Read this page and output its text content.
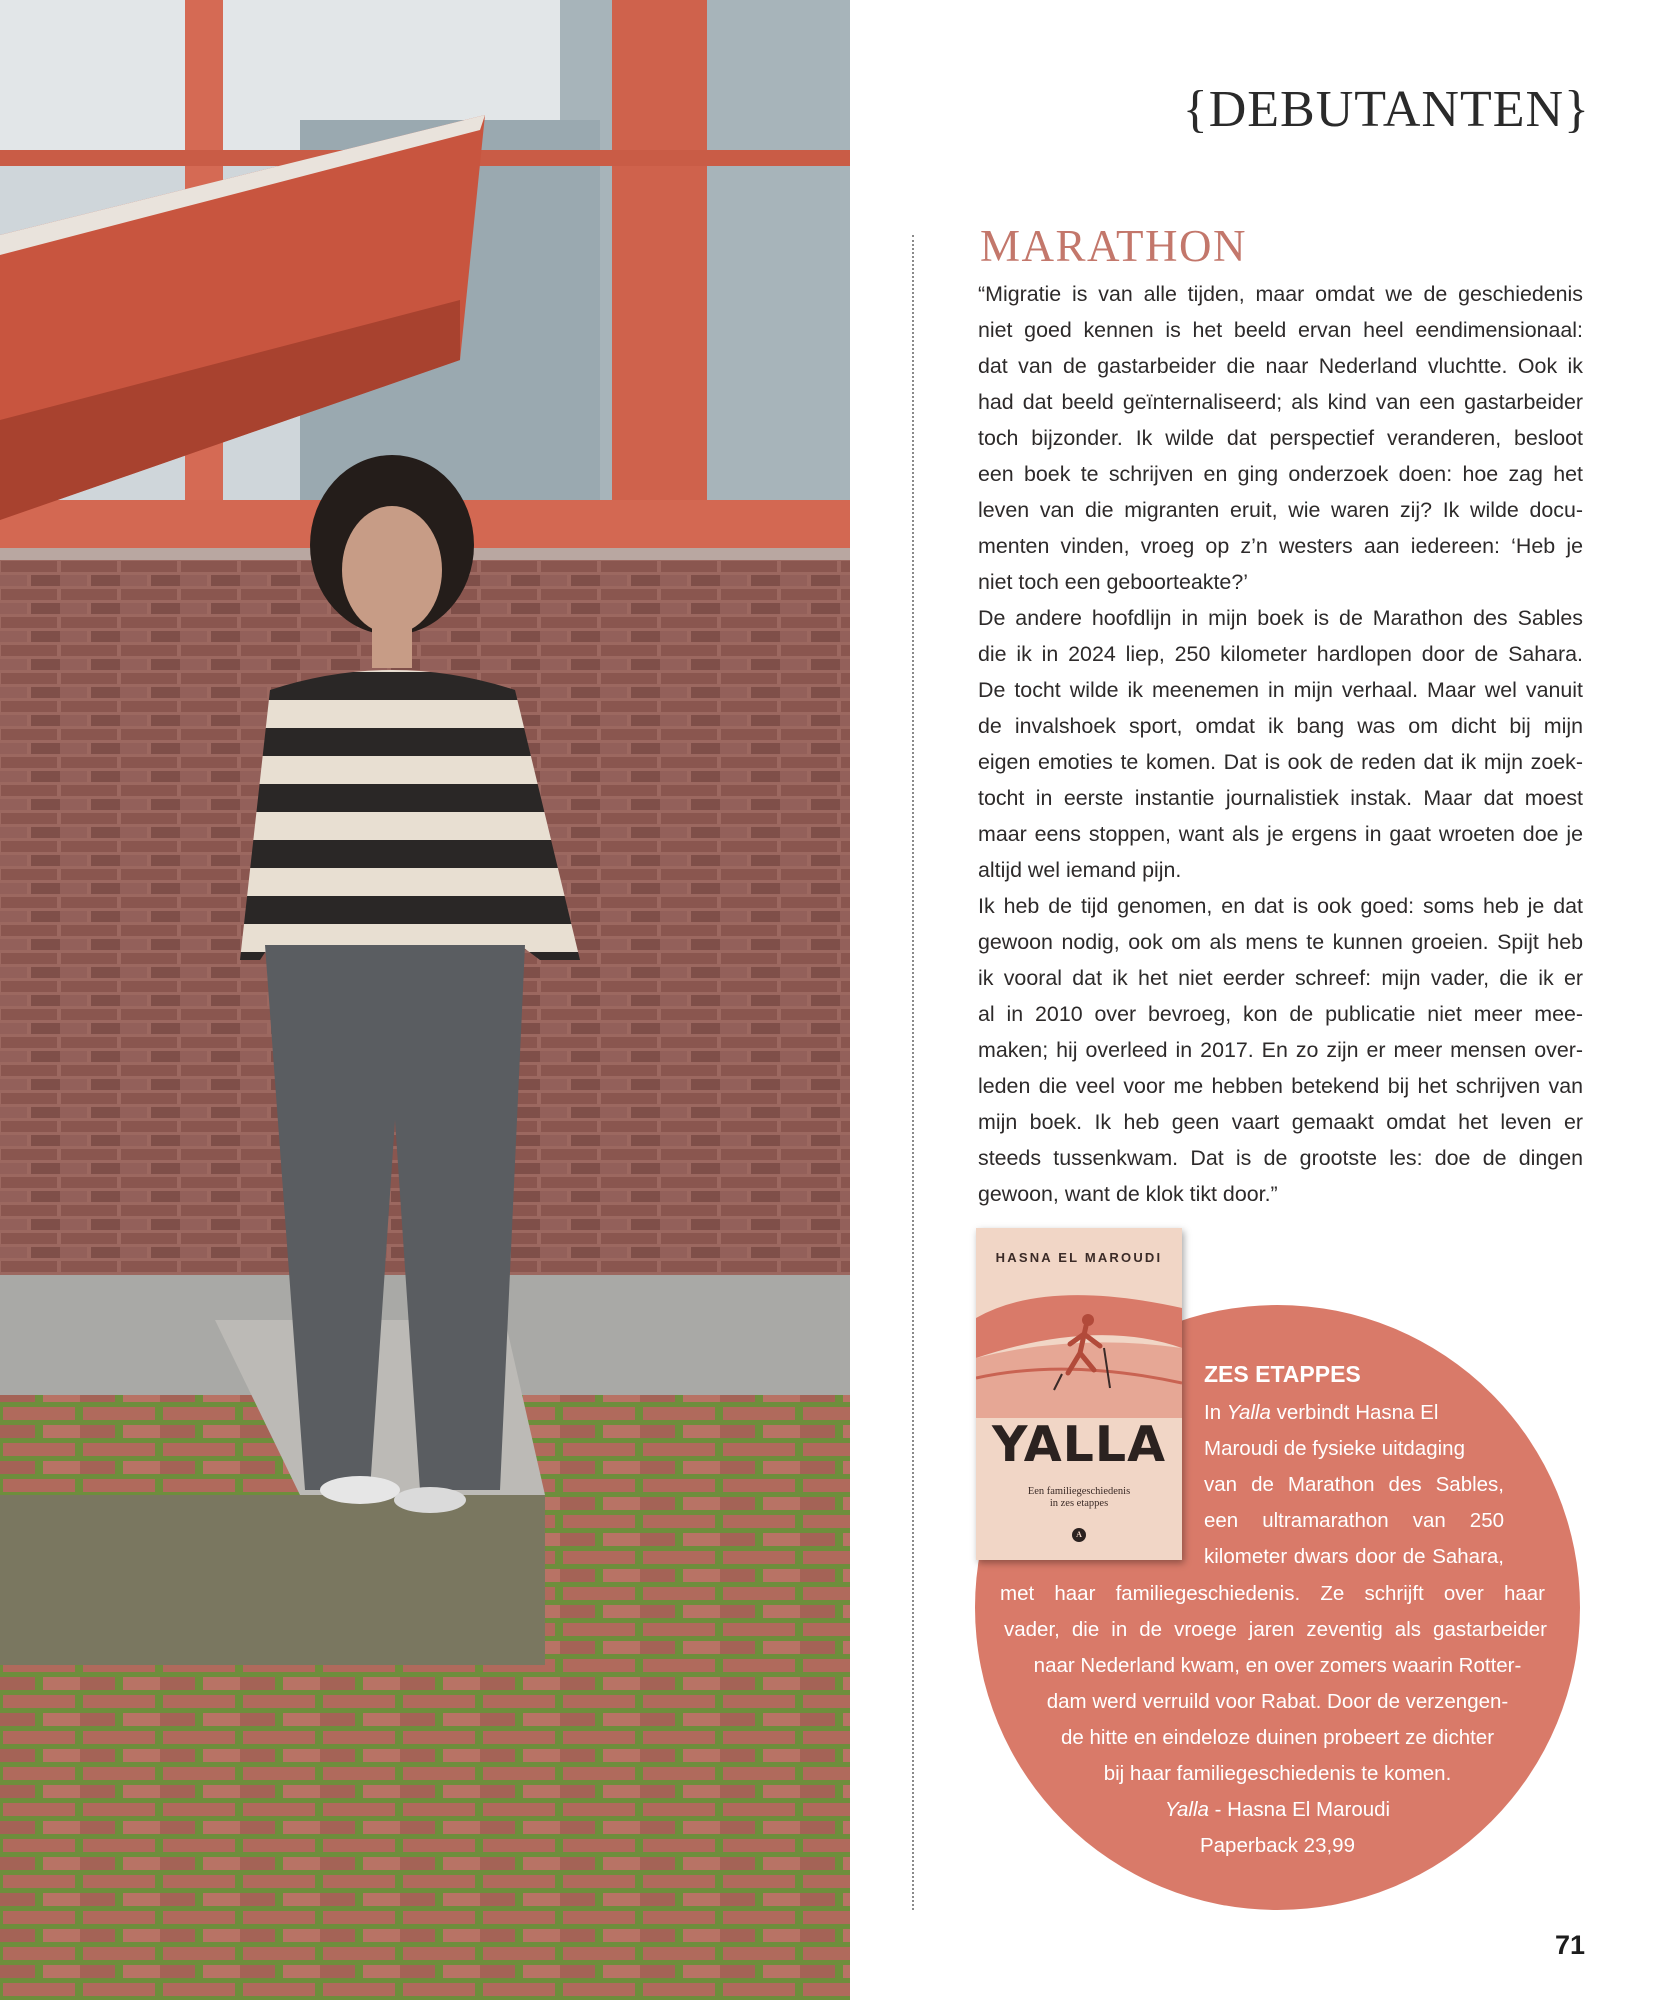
{DEBUTANTEN}
MARATHON

“Migratie is van alle tijden, maar omdat we de geschiedenis

niet goed kennen is het beeld ervan heel eendimensionaal:

dat van de gastarbeider die naar Nederland vluchtte. Ook ik

had dat beeld geïnternaliseerd; als kind van een gastarbeider

toch bijzonder. Ik wilde dat perspectief veranderen, besloot

een boek te schrijven en ging onderzoek doen: hoe zag het

leven van die migranten eruit, wie waren zij? Ik wilde docu-

menten vinden, vroeg op z’n westers aan iedereen: ‘Heb je

niet toch een geboorteakte?’

De andere hoofdlijn in mijn boek is de Marathon des Sables

die ik in 2024 liep, 250 kilometer hardlopen door de Sahara.

De tocht wilde ik meenemen in mijn verhaal. Maar wel vanuit

de invalshoek sport, omdat ik bang was om dicht bij mijn

eigen emoties te komen. Dat is ook de reden dat ik mijn zoek-

tocht in eerste instantie journalistiek instak. Maar dat moest

maar eens stoppen, want als je ergens in gaat wroeten doe je

altijd wel iemand pijn.

Ik heb de tijd genomen, en dat is ook goed: soms heb je dat

gewoon nodig, ook om als mens te kunnen groeien. Spijt heb

ik vooral dat ik het niet eerder schreef: mijn vader, die ik er

al in 2010 over bevroeg, kon de publicatie niet meer mee-

maken; hij overleed in 2017. En zo zijn er meer mensen over-

leden die veel voor me hebben betekend bij het schrijven van

mijn boek. Ik heb geen vaart gemaakt omdat het leven er

steeds tussenkwam. Dat is de grootste les: doe de dingen

gewoon, want de klok tikt door.”

HASNA EL MAROUDI
YALLA
Een familiegeschiedenis
in zes etappes
A
ZES ETAPPES
In Yalla verbindt Hasna El
Maroudi de fysieke uitdaging
van de Marathon des Sables,
een ultramarathon van 250
kilometer dwars door de Sahara,
met haar familiegeschiedenis. Ze schrijft over haar
vader, die in de vroege jaren zeventig als gastarbeider
naar Nederland kwam, en over zomers waarin Rotter-
dam werd verruild voor Rabat. Door de verzengen-
de hitte en eindeloze duinen probeert ze dichter
bij haar familiegeschiedenis te komen.
Yalla - Hasna El Maroudi
Paperback 23,99
71
